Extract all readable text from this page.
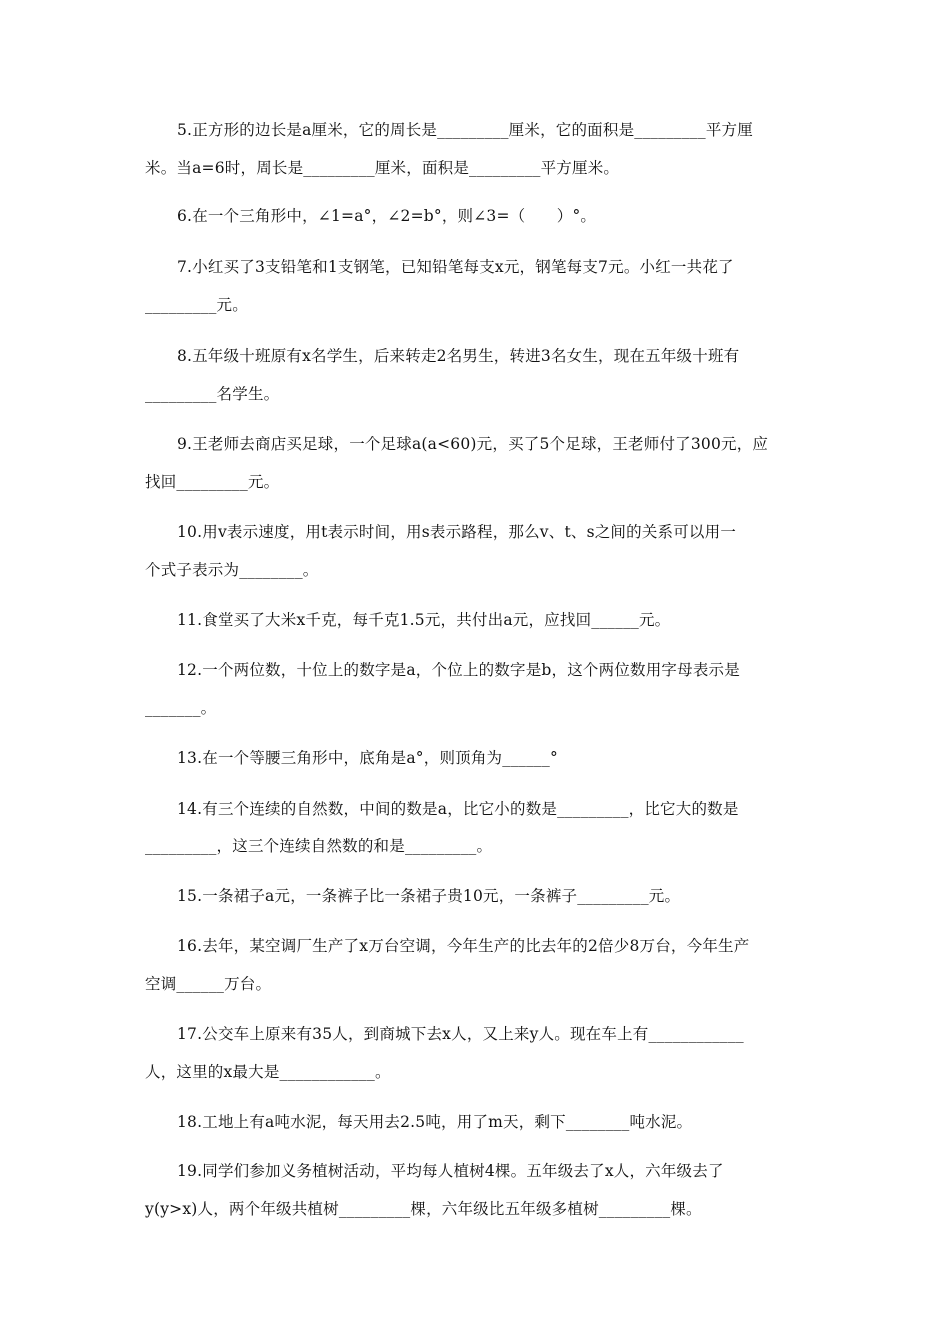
5.正方形的边长是a厘米，它的周长是_________厘米，它的面积是_________平方厘
米。当a=6时，周长是_________厘米，面积是_________平方厘米。
6.在一个三角形中，∠1=a°，∠2=b°，则∠3=（　　）°。
7.小红买了3支铅笔和1支钢笔，已知铅笔每支x元，钢笔每支7元。小红一共花了
_________元。
8.五年级十班原有x名学生，后来转走2名男生，转进3名女生，现在五年级十班有
_________名学生。
9.王老师去商店买足球，一个足球a(a<60)元，买了5个足球，王老师付了300元，应
找回_________元。
10.用v表示速度，用t表示时间，用s表示路程，那么v、t、s之间的关系可以用一
个式子表示为________。
11.食堂买了大米x千克，每千克1.5元，共付出a元，应找回______元。
12.一个两位数，十位上的数字是a，个位上的数字是b，这个两位数用字母表示是
_______。
13.在一个等腰三角形中，底角是a°，则顶角为______°
14.有三个连续的自然数，中间的数是a，比它小的数是_________，比它大的数是
_________，这三个连续自然数的和是_________。
15.一条裙子a元，一条裤子比一条裙子贵10元，一条裤子_________元。
16.去年，某空调厂生产了x万台空调，今年生产的比去年的2倍少8万台，今年生产
空调______万台。
17.公交车上原来有35人，到商城下去x人，又上来y人。现在车上有____________
人，这里的x最大是____________。
18.工地上有a吨水泥，每天用去2.5吨，用了m天，剩下________吨水泥。
19.同学们参加义务植树活动，平均每人植树4棵。五年级去了x人，六年级去了
y(y>x)人，两个年级共植树_________棵，六年级比五年级多植树_________棵。
